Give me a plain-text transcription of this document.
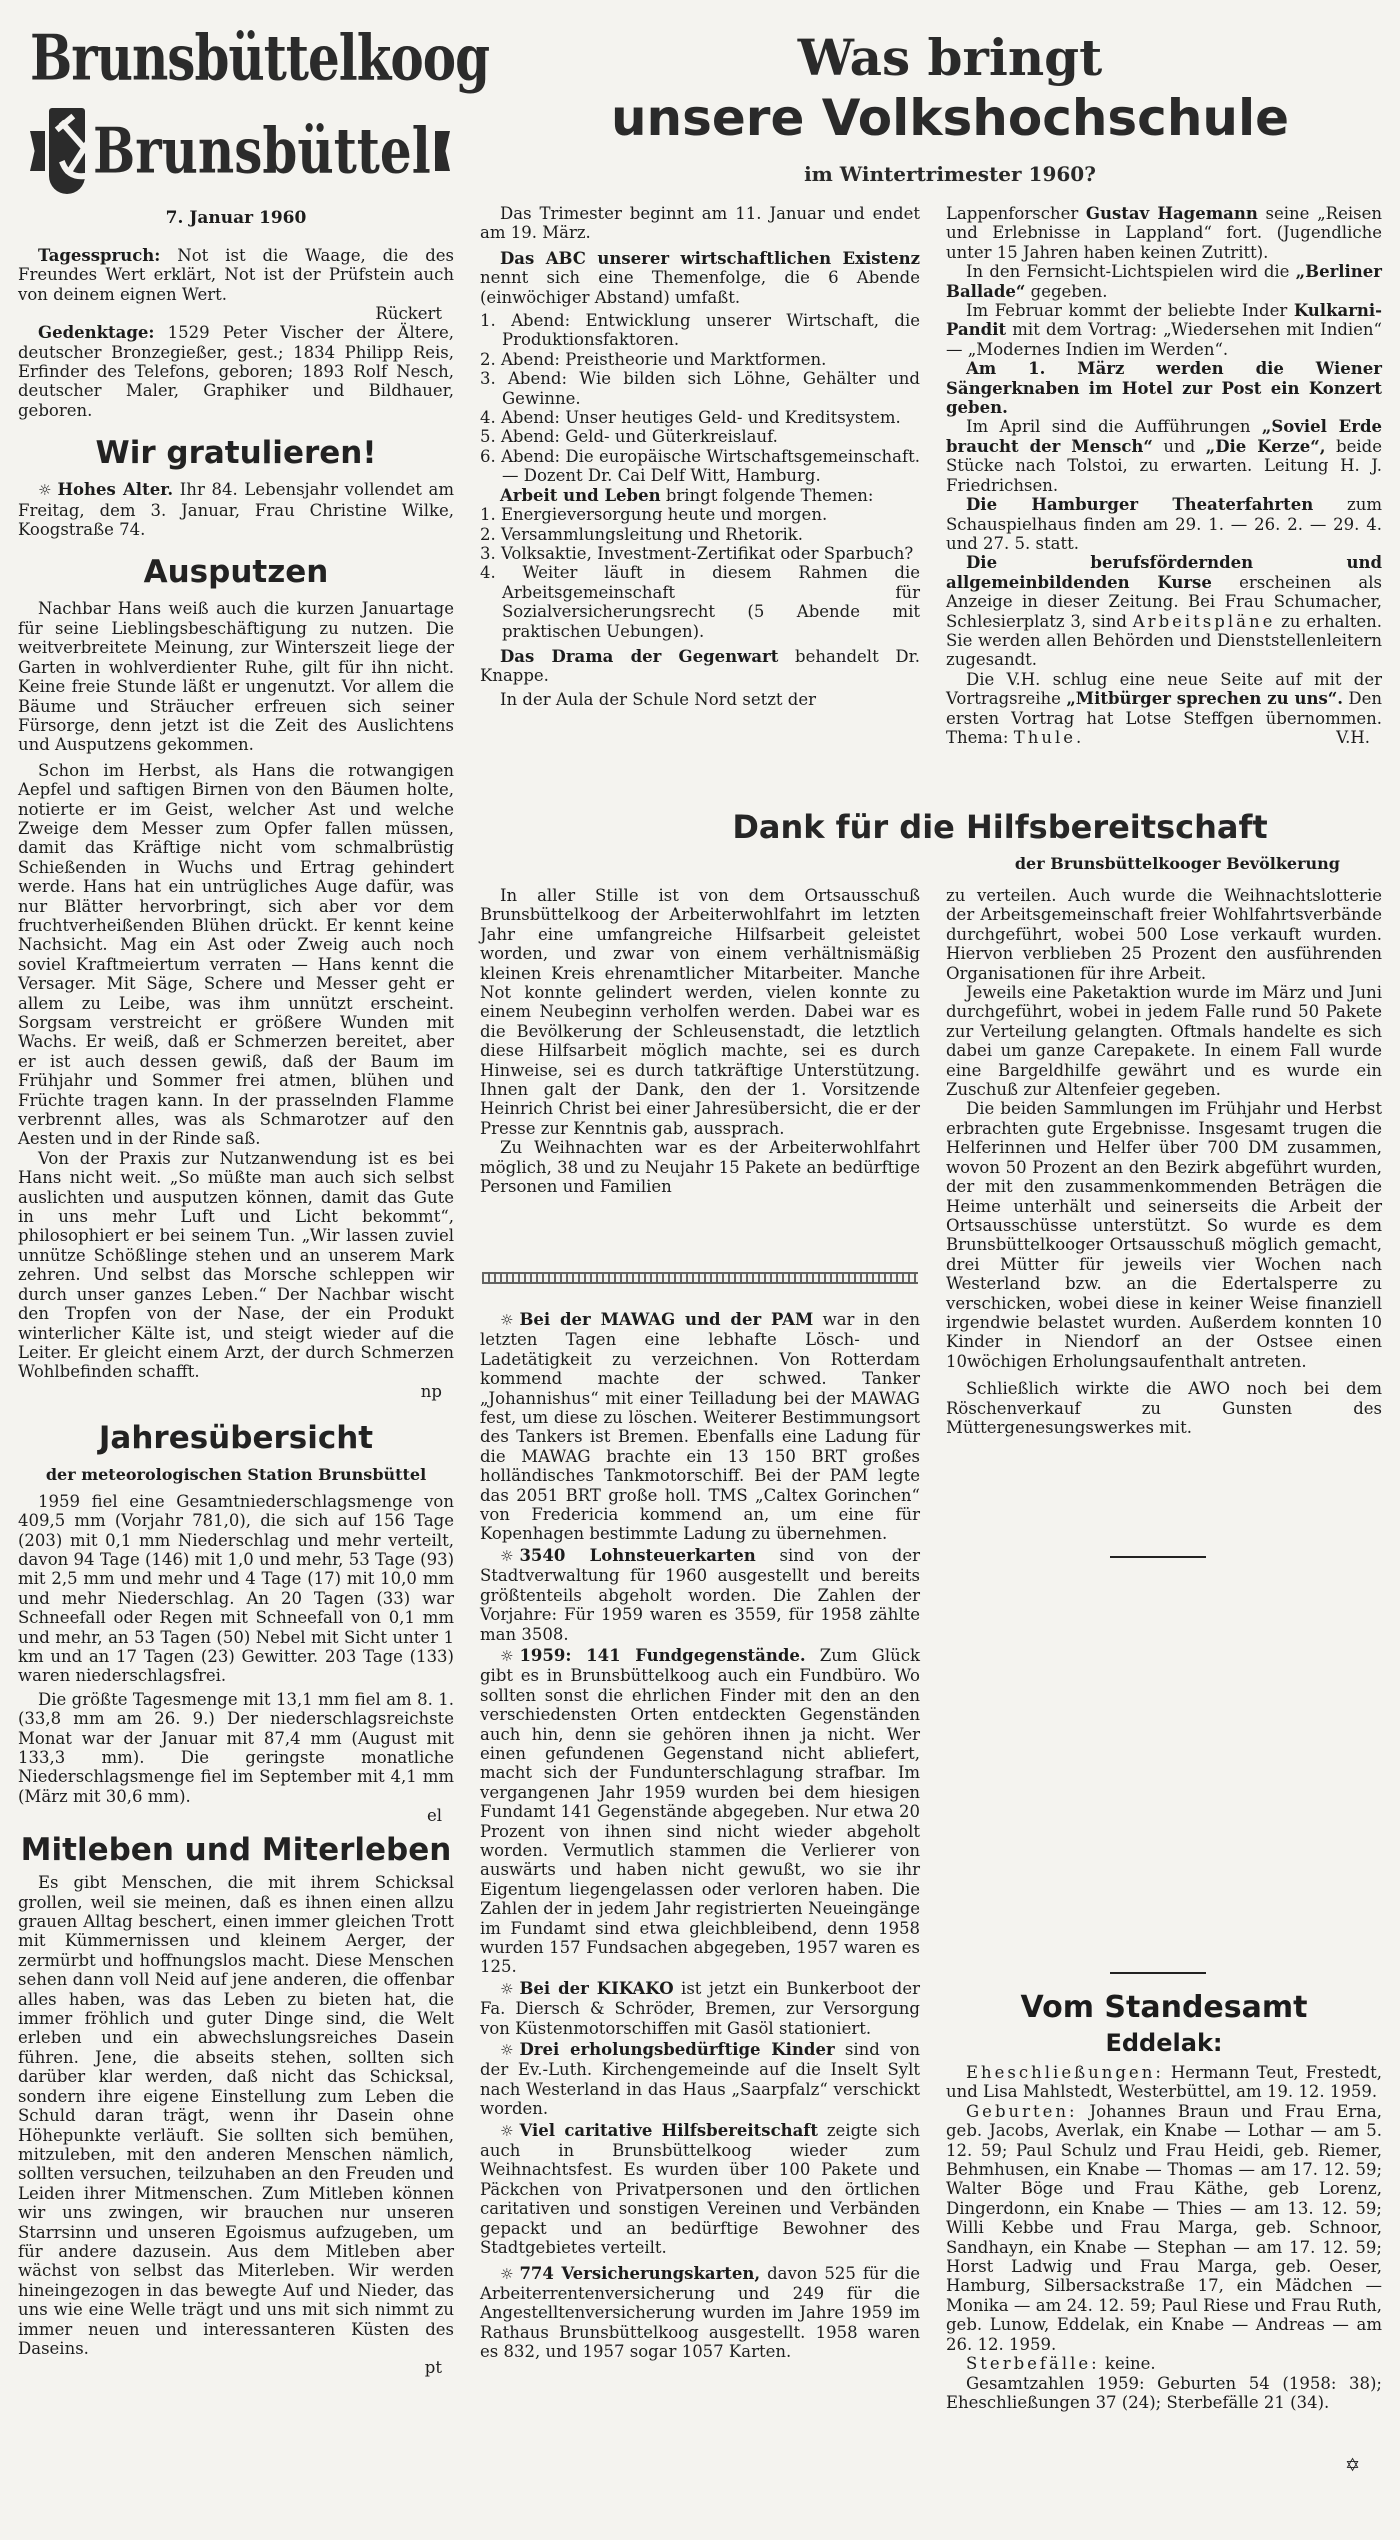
Brunsbüttelkoog
Brunsbüttel
7. Januar 1960

Tagesspruch: Not ist die Waage, die des Freundes Wert erklärt, Not ist der Prüfstein auch von deinem eignen Wert.

Rückert

Gedenktage: 1529 Peter Vischer der Ältere, deutscher Bronzegießer, gest.; 1834 Philipp Reis, Erfinder des Telefons, geboren; 1893 Rolf Nesch, deutscher Maler, Graphiker und Bildhauer, geboren.

Wir gratulieren!

☼ Hohes Alter. Ihr 84. Lebensjahr vollendet am Freitag, dem 3. Januar, Frau Christine Wilke, Koogstraße 74.

Ausputzen

Nachbar Hans weiß auch die kurzen Januartage für seine Lieblingsbeschäftigung zu nutzen. Die weitverbreitete Meinung, zur Winterszeit liege der Garten in wohlverdienter Ruhe, gilt für ihn nicht. Keine freie Stunde läßt er ungenutzt. Vor allem die Bäume und Sträucher erfreuen sich seiner Fürsorge, denn jetzt ist die Zeit des Auslichtens und Ausputzens gekommen.

Schon im Herbst, als Hans die rotwangigen Aepfel und saftigen Birnen von den Bäumen holte, notierte er im Geist, welcher Ast und welche Zweige dem Messer zum Opfer fallen müssen, damit das Kräftige nicht vom schmalbrüstig Schießenden in Wuchs und Ertrag gehindert werde. Hans hat ein untrügliches Auge dafür, was nur Blätter hervorbringt, sich aber vor dem fruchtverheißenden Blühen drückt. Er kennt keine Nachsicht. Mag ein Ast oder Zweig auch noch soviel Kraftmeiertum verraten — Hans kennt die Versager. Mit Säge, Schere und Messer geht er allem zu Leibe, was ihm unnützt erscheint. Sorgsam verstreicht er größere Wunden mit Wachs. Er weiß, daß er Schmerzen bereitet, aber er ist auch dessen gewiß, daß der Baum im Frühjahr und Sommer frei atmen, blühen und Früchte tragen kann. In der prasselnden Flamme verbrennt alles, was als Schmarotzer auf den Aesten und in der Rinde saß.

Von der Praxis zur Nutzanwendung ist es bei Hans nicht weit. „So müßte man auch sich selbst auslichten und ausputzen können, damit das Gute in uns mehr Luft und Licht bekommt“, philosophiert er bei seinem Tun. „Wir lassen zuviel unnütze Schößlinge stehen und an unserem Mark zehren. Und selbst das Morsche schleppen wir durch unser ganzes Leben.“ Der Nachbar wischt den Tropfen von der Nase, der ein Produkt winterlicher Kälte ist, und steigt wieder auf die Leiter. Er gleicht einem Arzt, der durch Schmerzen Wohlbefinden schafft.

np
Jahresübersicht
der meteorologischen Station Brunsbüttel

1959 fiel eine Gesamtniederschlagsmenge von 409,5 mm (Vorjahr 781,0), die sich auf 156 Tage (203) mit 0,1 mm Niederschlag und mehr verteilt, davon 94 Tage (146) mit 1,0 und mehr, 53 Tage (93) mit 2,5 mm und mehr und 4 Tage (17) mit 10,0 mm und mehr Niederschlag. An 20 Tagen (33) war Schneefall oder Regen mit Schneefall von 0,1 mm und mehr, an 53 Tagen (50) Nebel mit Sicht unter 1 km und an 17 Tagen (23) Gewitter. 203 Tage (133) waren niederschlagsfrei.

Die größte Tagesmenge mit 13,1 mm fiel am 8. 1. (33,8 mm am 26. 9.) Der niederschlagsreichste Monat war der Januar mit 87,4 mm (August mit 133,3 mm). Die geringste monatliche Niederschlagsmenge fiel im September mit 4,1 mm (März mit 30,6 mm).

el
Mitleben und Miterleben

Es gibt Menschen, die mit ihrem Schicksal grollen, weil sie meinen, daß es ihnen einen allzu grauen Alltag beschert, einen immer gleichen Trott mit Kümmernissen und kleinem Aerger, der zermürbt und hoffnungslos macht. Diese Menschen sehen dann voll Neid auf jene anderen, die offenbar alles haben, was das Leben zu bieten hat, die immer fröhlich und guter Dinge sind, die Welt erleben und ein abwechslungsreiches Dasein führen. Jene, die abseits stehen, sollten sich darüber klar werden, daß nicht das Schicksal, sondern ihre eigene Einstellung zum Leben die Schuld daran trägt, wenn ihr Dasein ohne Höhepunkte verläuft. Sie sollten sich bemühen, mitzuleben, mit den anderen Menschen nämlich, sollten versuchen, teilzuhaben an den Freuden und Leiden ihrer Mitmenschen. Zum Mitleben können wir uns zwingen, wir brauchen nur unseren Starrsinn und unseren Egoismus aufzugeben, um für andere dazusein. Aus dem Mitleben aber wächst von selbst das Miterleben. Wir werden hineingezogen in das bewegte Auf und Nieder, das uns wie eine Welle trägt und uns mit sich nimmt zu immer neuen und interessanteren Küsten des Daseins.

pt
Was bringt
unsere Volkshochschule
im Wintertrimester 1960?

Das Trimester beginnt am 11. Januar und endet am 19. März.

Das ABC unserer wirtschaftlichen Existenz nennt sich eine Themenfolge, die 6 Abende (einwöchiger Abstand) umfaßt.

1. Abend: Entwicklung unserer Wirtschaft, die Produktionsfaktoren.
2. Abend: Preistheorie und Marktformen.
3. Abend: Wie bilden sich Löhne, Gehälter und Gewinne.
4. Abend: Unser heutiges Geld- und Kreditsystem.
5. Abend: Geld- und Güterkreislauf.
6. Abend: Die europäische Wirtschaftsgemeinschaft. — Dozent Dr. Cai Delf Witt, Hamburg.

Arbeit und Leben bringt folgende Themen:

1. Energieversorgung heute und morgen.
2. Versammlungsleitung und Rhetorik.
3. Volksaktie, Investment-Zertifikat oder Sparbuch?
4. Weiter läuft in diesem Rahmen die Arbeitsgemeinschaft für Sozialversicherungsrecht (5 Abende mit praktischen Uebungen).

Das Drama der Gegenwart behandelt Dr. Knappe.

In der Aula der Schule Nord setzt der

Lappenforscher Gustav Hagemann seine „Reisen und Erlebnisse in Lappland“ fort. (Jugendliche unter 15 Jahren haben keinen Zutritt).

In den Fernsicht-Lichtspielen wird die „Berliner Ballade“ gegeben.

Im Februar kommt der beliebte Inder Kulkarni-Pandit mit dem Vortrag: „Wiedersehen mit Indien“ — „Modernes Indien im Werden“.

Am 1. März werden die Wiener Sängerknaben im Hotel zur Post ein Konzert geben.

Im April sind die Aufführungen „Soviel Erde braucht der Mensch“ und „Die Kerze“, beide Stücke nach Tolstoi, zu erwarten. Leitung H. J. Friedrichsen.

Die Hamburger Theaterfahrten zum Schauspielhaus finden am 29. 1. — 26. 2. — 29. 4. und 27. 5. statt.

Die berufsfördernden und allgemeinbildenden Kurse erscheinen als Anzeige in dieser Zeitung. Bei Frau Schumacher, Schlesierplatz 3, sind Arbeitspläne zu erhalten. Sie werden allen Behörden und Dienststellenleitern zugesandt.

Die V.H. schlug eine neue Seite auf mit der Vortragsreihe „Mitbürger sprechen zu uns“. Den ersten Vortrag hat Lotse Steffgen übernommen. Thema: Thule.	V.H.
Dank für die Hilfsbereitschaft
der Brunsbüttelkooger Bevölkerung

In aller Stille ist von dem Ortsausschuß Brunsbüttelkoog der Arbeiterwohlfahrt im letzten Jahr eine umfangreiche Hilfsarbeit geleistet worden, und zwar von einem verhältnismäßig kleinen Kreis ehrenamtlicher Mitarbeiter. Manche Not konnte gelindert werden, vielen konnte zu einem Neubeginn verholfen werden. Dabei war es die Bevölkerung der Schleusenstadt, die letztlich diese Hilfsarbeit möglich machte, sei es durch Hinweise, sei es durch tatkräftige Unterstützung. Ihnen galt der Dank, den der 1. Vorsitzende Heinrich Christ bei einer Jahresübersicht, die er der Presse zur Kenntnis gab, aussprach.

Zu Weihnachten war es der Arbeiterwohlfahrt möglich, 38 und zu Neujahr 15 Pakete an bedürftige Personen und Familien

zu verteilen. Auch wurde die Weihnachtslotterie der Arbeitsgemeinschaft freier Wohlfahrtsverbände durchgeführt, wobei 500 Lose verkauft wurden. Hiervon verblieben 25 Prozent den ausführenden Organisationen für ihre Arbeit.

Jeweils eine Paketaktion wurde im März und Juni durchgeführt, wobei in jedem Falle rund 50 Pakete zur Verteilung gelangten. Oftmals handelte es sich dabei um ganze Carepakete. In einem Fall wurde eine Bargeldhilfe gewährt und es wurde ein Zuschuß zur Altenfeier gegeben.

Die beiden Sammlungen im Frühjahr und Herbst erbrachten gute Ergebnisse. Insgesamt trugen die Helferinnen und Helfer über 700 DM zusammen, wovon 50 Prozent an den Bezirk abgeführt wurden, der mit den zusammenkommenden Beträgen die Heime unterhält und seinerseits die Arbeit der Ortsausschüsse unterstützt. So wurde es dem Brunsbüttelkooger Ortsausschuß möglich gemacht, drei Mütter für jeweils vier Wochen nach Westerland bzw. an die Edertalsperre zu verschicken, wobei diese in keiner Weise finanziell irgendwie belastet wurden. Außerdem konnten 10 Kinder in Niendorf an der Ostsee einen 10wöchigen Erholungsaufenthalt antreten.

Schließlich wirkte die AWO noch bei dem Röschenverkauf zu Gunsten des Müttergenesungswerkes mit.

☼ Bei der MAWAG und der PAM war in den letzten Tagen eine lebhafte Lösch- und Ladetätigkeit zu verzeichnen. Von Rotterdam kommend machte der schwed. Tanker „Johannishus“ mit einer Teilladung bei der MAWAG fest, um diese zu löschen. Weiterer Bestimmungsort des Tankers ist Bremen. Ebenfalls eine Ladung für die MAWAG brachte ein 13 150 BRT großes holländisches Tankmotorschiff. Bei der PAM legte das 2051 BRT große holl. TMS „Caltex Gorinchen“ von Fredericia kommend an, um eine für Kopenhagen bestimmte Ladung zu übernehmen.

☼ 3540 Lohnsteuerkarten sind von der Stadtverwaltung für 1960 ausgestellt und bereits größtenteils abgeholt worden. Die Zahlen der Vorjahre: Für 1959 waren es 3559, für 1958 zählte man 3508.

☼ 1959: 141 Fundgegenstände. Zum Glück gibt es in Brunsbüttelkoog auch ein Fundbüro. Wo sollten sonst die ehrlichen Finder mit den an den verschiedensten Orten entdeckten Gegenständen auch hin, denn sie gehören ihnen ja nicht. Wer einen gefundenen Gegenstand nicht abliefert, macht sich der Fundunterschlagung strafbar. Im vergangenen Jahr 1959 wurden bei dem hiesigen Fundamt 141 Gegenstände abgegeben. Nur etwa 20 Prozent von ihnen sind nicht wieder abgeholt worden. Vermutlich stammen die Verlierer von auswärts und haben nicht gewußt, wo sie ihr Eigentum liegengelassen oder verloren haben. Die Zahlen der in jedem Jahr registrierten Neueingänge im Fundamt sind etwa gleichbleibend, denn 1958 wurden 157 Fundsachen abgegeben, 1957 waren es 125.

☼ Bei der KIKAKO ist jetzt ein Bunkerboot der Fa. Diersch & Schröder, Bremen, zur Versorgung von Küstenmotorschiffen mit Gasöl stationiert.

☼ Drei erholungsbedürftige Kinder sind von der Ev.-Luth. Kirchengemeinde auf die Inselt Sylt nach Westerland in das Haus „Saarpfalz“ verschickt worden.

☼ Viel caritative Hilfsbereitschaft zeigte sich auch in Brunsbüttelkoog wieder zum Weihnachtsfest. Es wurden über 100 Pakete und Päckchen von Privatpersonen und den örtlichen caritativen und sonstigen Vereinen und Verbänden gepackt und an bedürftige Bewohner des Stadtgebietes verteilt.

☼ 774 Versicherungskarten, davon 525 für die Arbeiterrentenversicherung und 249 für die Angestelltenversicherung wurden im Jahre 1959 im Rathaus Brunsbüttelkoog ausgestellt. 1958 waren es 832, und 1957 sogar 1057 Karten.

Vom Standesamt
Eddelak:

Eheschließungen: Hermann Teut, Frestedt, und Lisa Mahlstedt, Westerbüttel, am 19. 12. 1959.

Geburten: Johannes Braun und Frau Erna, geb. Jacobs, Averlak, ein Knabe — Lothar — am 5. 12. 59; Paul Schulz und Frau Heidi, geb. Riemer, Behmhusen, ein Knabe — Thomas — am 17. 12. 59; Walter Böge und Frau Käthe, geb Lorenz, Dingerdonn, ein Knabe — Thies — am 13. 12. 59; Willi Kebbe und Frau Marga, geb. Schnoor, Sandhayn, ein Knabe — Stephan — am 17. 12. 59; Horst Ladwig und Frau Marga, geb. Oeser, Hamburg, Silbersackstraße 17, ein Mädchen — Monika — am 24. 12. 59; Paul Riese und Frau Ruth, geb. Lunow, Eddelak, ein Knabe — Andreas — am 26. 12. 1959.

Sterbefälle: keine.

Gesamtzahlen 1959: Geburten 54 (1958: 38); Eheschließungen 37 (24); Sterbefälle 21 (34).

✡
